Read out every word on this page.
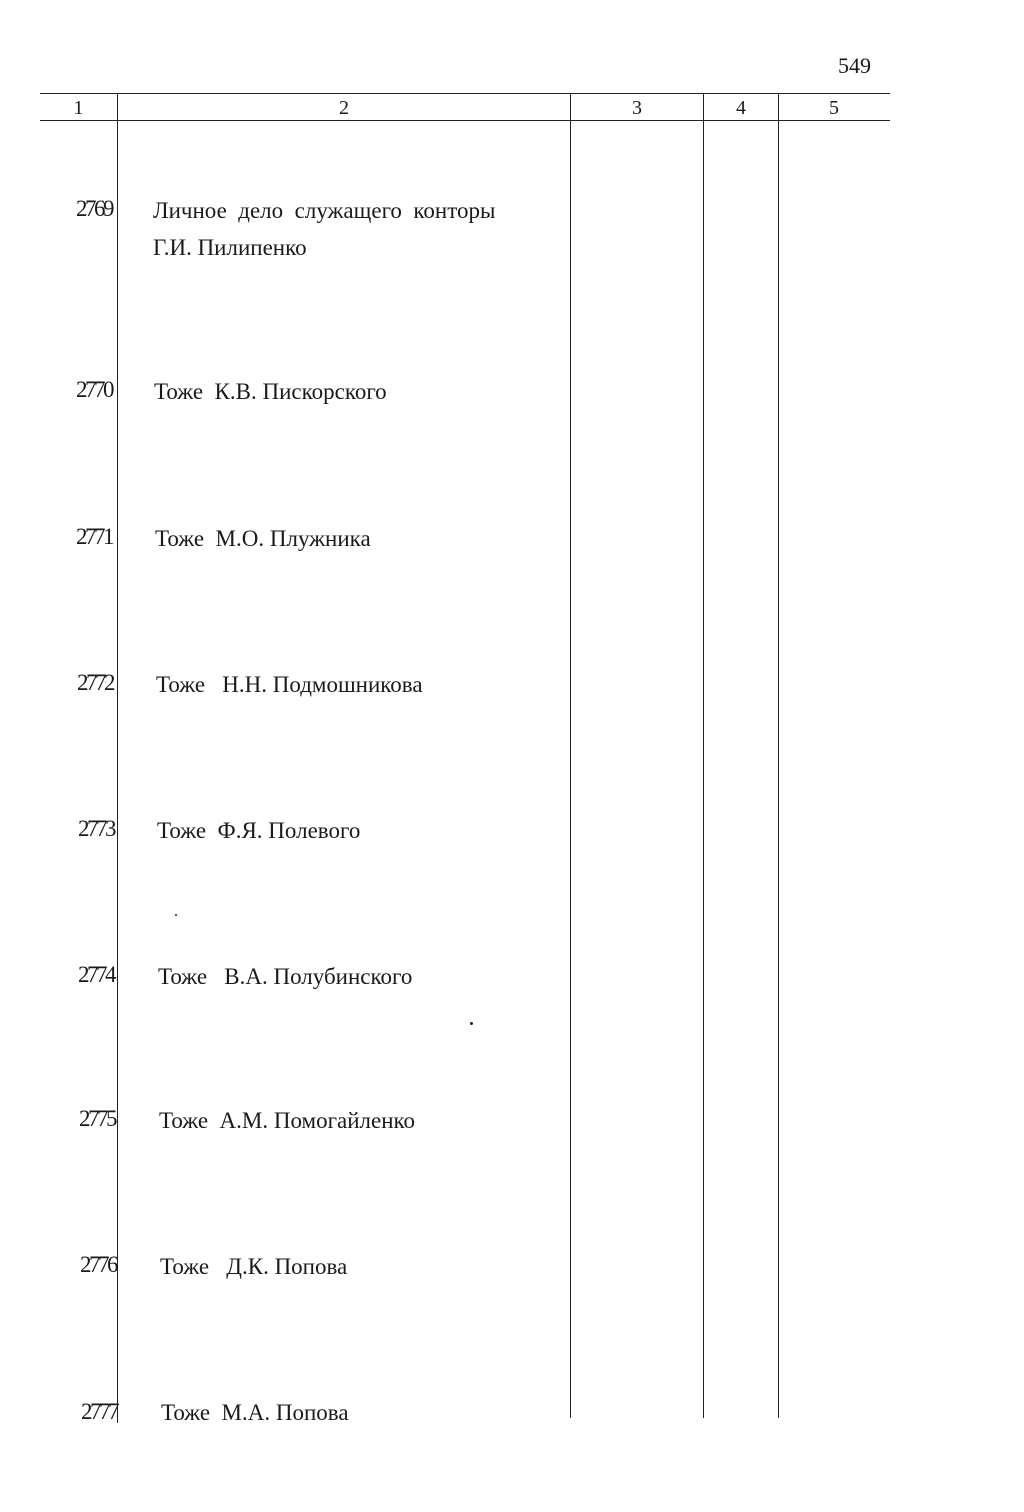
549
1	2	3	4	5
2769 Личное  дело  служащего  конторы
Г.И. Пилипенко
2770 Тоже  К.В. Пискорского
2771 Тоже  М.О. Плужника
2772 Тоже   Н.Н. Подмошникова
2773 Тоже  Ф.Я. Полевого
2774 Тоже   В.А. Полубинского
2775 Тоже  А.М. Помогайленко
2776 Тоже   Д.К. Попова
2777 Тоже  М.А. Попова
